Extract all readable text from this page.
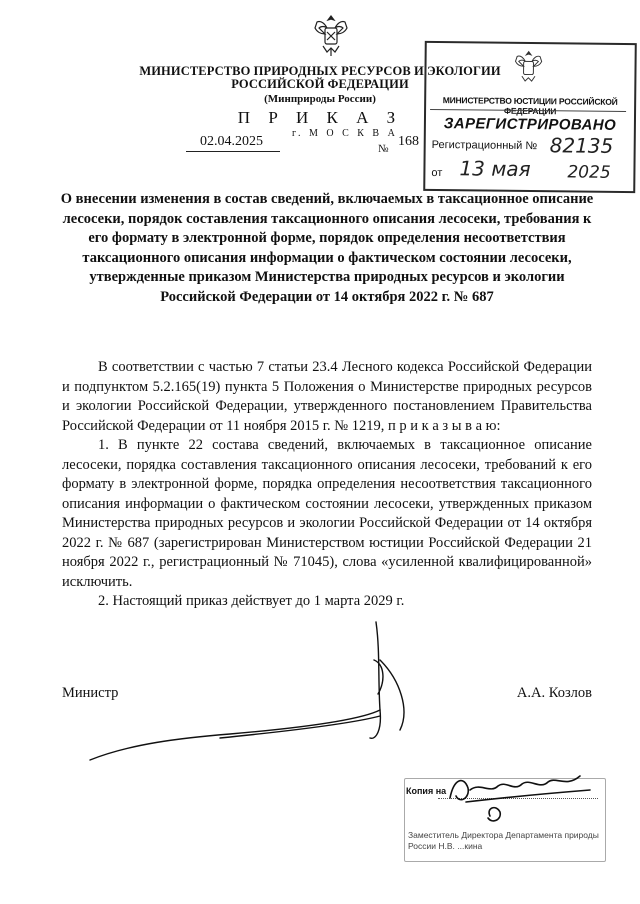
МИНИСТЕРСТВО ПРИРОДНЫХ РЕСУРСОВ И ЭКОЛОГИИ
РОССИЙСКОЙ ФЕДЕРАЦИИ
(Минприроды России)
П Р И К А З
02.04.2025
г. М О С К В А
№ 168
МИНИСТЕРСТВО ЮСТИЦИИ РОССИЙСКОЙ ФЕДЕРАЦИИ
ЗАРЕГИСТРИРОВАНО
Регистрационный № 82135
от 13 мая 2025
О внесении изменения в состав сведений, включаемых в таксационное описание лесосеки, порядок составления таксационного описания лесосеки, требования к его формату в электронной форме, порядок определения несоответствия таксационного описания информации о фактическом состоянии лесосеки, утвержденные приказом Министерства природных ресурсов и экологии Российской Федерации от 14 октября 2022 г. № 687

В соответствии с частью 7 статьи 23.4 Лесного кодекса Российской Федерации и подпунктом 5.2.165(19) пункта 5 Положения о Министерстве природных ресурсов и экологии Российской Федерации, утвержденного постановлением Правительства Российской Федерации от 11 ноября 2015 г. № 1219, п р и к а з ы в а ю:

1. В пункте 22 состава сведений, включаемых в таксационное описание лесосеки, порядка составления таксационного описания лесосеки, требований к его формату в электронной форме, порядка определения несоответствия таксационного описания информации о фактическом состоянии лесосеки, утвержденных приказом Министерства природных ресурсов и экологии Российской Федерации от 14 октября 2022 г. № 687 (зарегистрирован Министерством юстиции Российской Федерации 21 ноября 2022 г., регистрационный № 71045), слова «усиленной квалифицированной» исключить.

2. Настоящий приказ действует до 1 марта 2029 г.

Министр	А.А. Козлов
Копия на
Заместитель Директора Департамента природы России Н.В. ...кина
